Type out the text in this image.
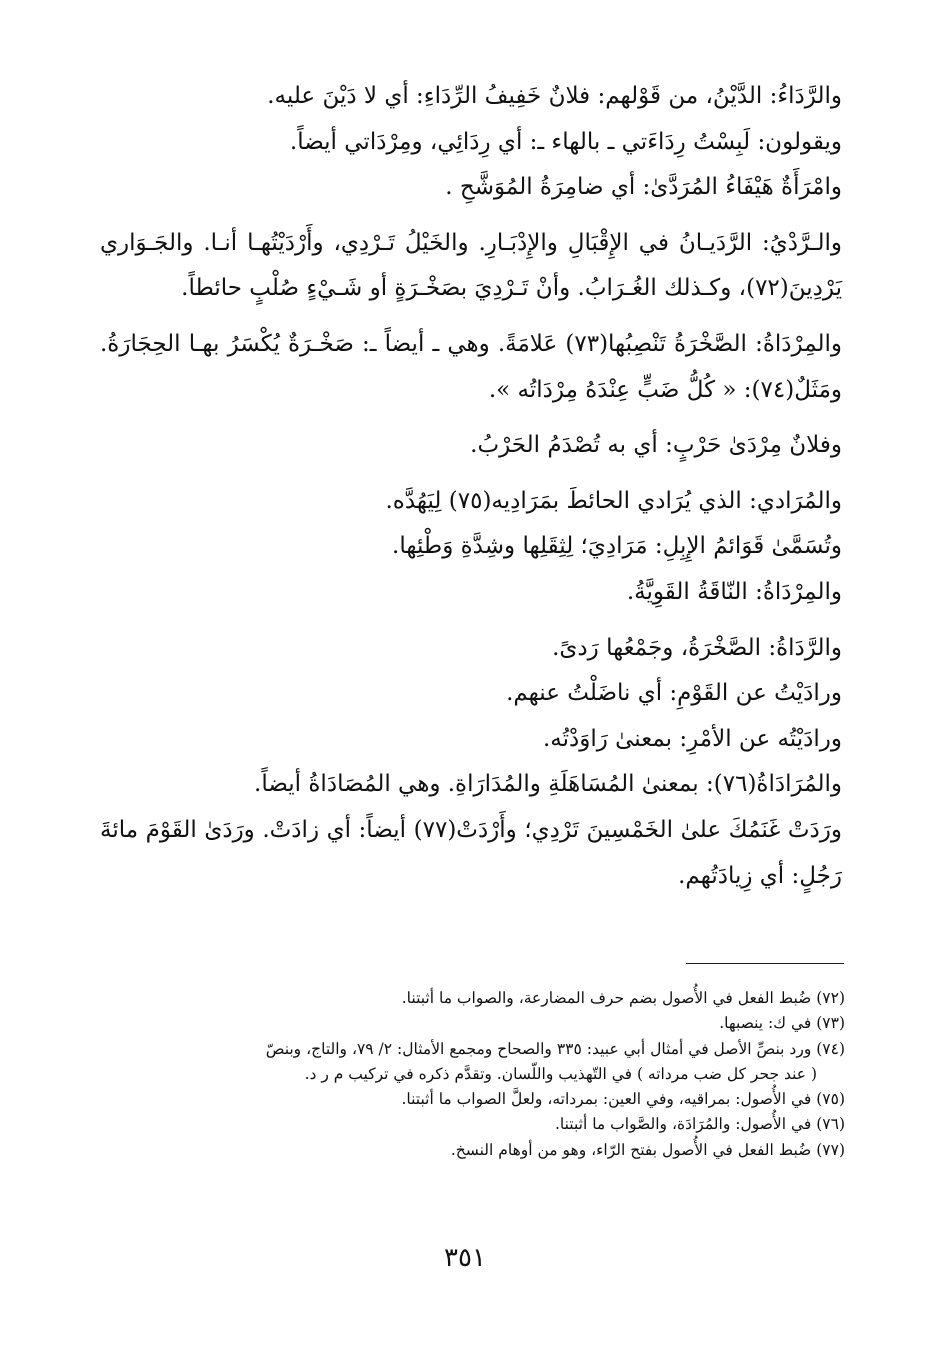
والرَّدَاءُ: الدَّيْنُ، من قَوْلهم: فلانٌ خَفِيفُ الرِّدَاءِ: أي لا دَيْنَ عليه.

ويقولون: لَبِسْتُ رِدَاءَتي ـ بالهاء ـ: أي رِدَائِي، ومِرْدَاتي أيضاً.

وامْرَأَةٌ هَيْفَاءُ المُرَدَّىٰ: أي ضامِرَةُ المُوَشَّحِ .

والـرَّدْيُ: الرَّدَيـانُ في الإِقْبَالِ والإِدْبَـارِ. والخَيْلُ تَـرْدِي، وأَرْدَيْتُهـا أنـا. والجَـوَاري يَرْدِينَ(٧٢)، وكـذلك الغُـرَابُ. وأنْ تَـرْدِيَ بصَخْـرَةٍ أو شَـيْءٍ صُلْبٍ حائطاً.

والمِرْدَاةُ: الصَّخْرَةُ تَنْصِبُها(٧٣) عَلامَةً. وهي ـ أيضاً ـ: صَخْـرَةٌ يُكْسَرُ بهـا الحِجَارَةُ. ومَثَلٌ(٧٤): « كُلُّ ضَبٍّ عِنْدَهُ مِرْدَاتُه ».

وفلانٌ مِرْدَىٰ حَرْبٍ: أي به تُصْدَمُ الحَرْبُ.

والمُرَادي: الذي يُرَادي الحائطَ بمَرَادِيه(٧٥) لِيَهُدَّه.

وتُسَمَّىٰ قَوَائمُ الإِبِلِ: مَرَادِيَ؛ لِثِقَلِها وشِدَّةِ وَطْئِها.

والمِرْدَاةُ: النّاقَةُ القَوِيَّةُ.

والرَّدَاةُ: الصَّخْرَةُ، وجَمْعُها رَدىً.

ورادَيْتُ عن القَوْمِ: أي ناضَلْتُ عنهم.

ورادَيْتُه عن الأمْرِ: بمعنىٰ رَاوَدْتُه.

والمُرَادَاةُ(٧٦): بمعنىٰ المُسَاهَلَةِ والمُدَارَاةِ. وهي المُصَادَاةُ أيضاً.

ورَدَتْ غَنَمُكَ علىٰ الخَمْسِينَ تَرْدِي؛ وأَرْدَتْ(٧٧) أيضاً: أي زادَتْ. ورَدَىٰ القَوْمَ مائةَ رَجُلٍ: أي زِيادَتُهم.

(٧٢) ضُبط الفعل في الأُصول بضم حرف المضارعة، والصواب ما أثبتنا.

(٧٣) في ك: ينصبها.

(٧٤) ورد بنصِّ الأصل في أمثال أبي عبيد: ٣٣٥ والصحاح ومجمع الأمثال: ٢/ ٧٩، والتاج، وبنصّ

( عند جحر كل ضب مرداته ) في التّهذيب واللّسان. وتقدَّم ذكره في تركيب م ر د.

(٧٥) في الأُصول: بمراقيه، وفي العين: بمرداته، ولعلَّ الصواب ما أثبتنا.

(٧٦) في الأُصول: والمُرَادَة، والصَّواب ما أثبتنا.

(٧٧) ضُبط الفعل في الأُصول بفتح الرّاء، وهو من أوهام النسخ.

٣٥١
